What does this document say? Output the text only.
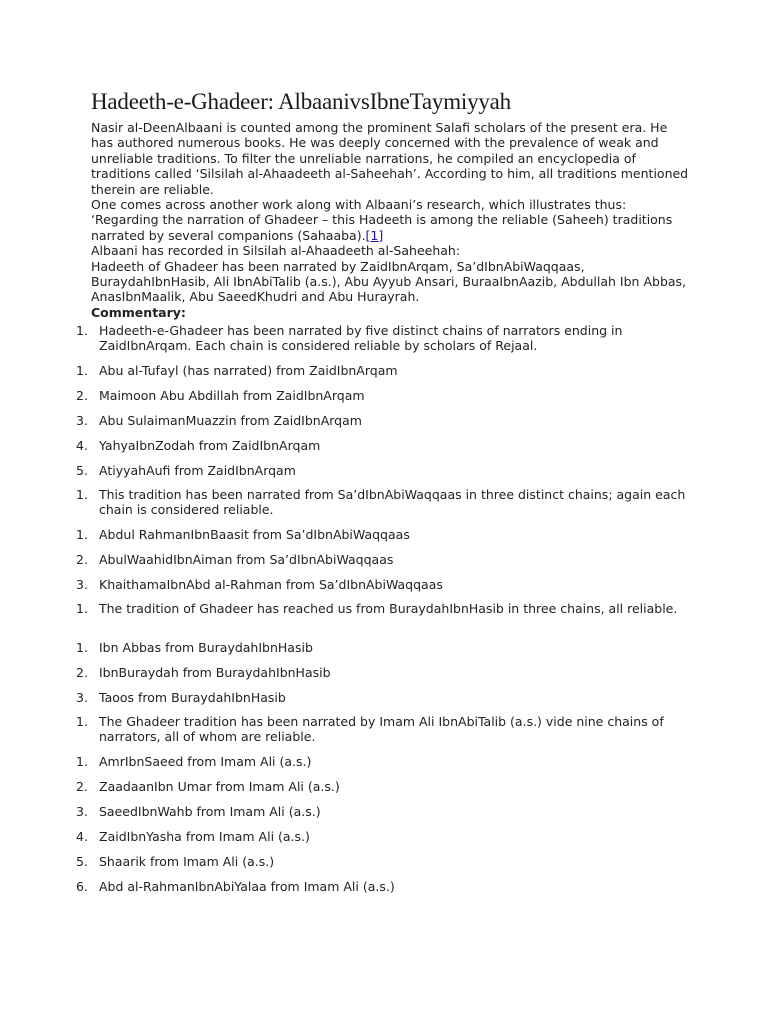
Hadeeth-e-Ghadeer: AlbaanivsIbneTaymiyyah

Nasir al-DeenAlbaani is counted among the prominent Salafi scholars of the present era. He has authored numerous books. He was deeply concerned with the prevalence of weak and unreliable traditions. To filter the unreliable narrations, he compiled an encyclopedia of traditions called ‘Silsilah al-Ahaadeeth al-Saheehah’. According to him, all traditions mentioned therein are reliable.

One comes across another work along with Albaani’s research, which illustrates thus:

‘Regarding the narration of Ghadeer – this Hadeeth is among the reliable (Saheeh) traditions narrated by several companions (Sahaaba).[1]

Albaani has recorded in Silsilah al-Ahaadeeth al-Saheehah:

Hadeeth of Ghadeer has been narrated by ZaidIbnArqam, Sa’dIbnAbiWaqqaas, BuraydahIbnHasib, Ali IbnAbiTalib (a.s.), Abu Ayyub Ansari, BuraaIbnAazib, Abdullah Ibn Abbas, AnasIbnMaalik, Abu SaeedKhudri and Abu Hurayrah.

Commentary:

1. Hadeeth-e-Ghadeer has been narrated by five distinct chains of narrators ending in ZaidIbnArqam. Each chain is considered reliable by scholars of Rejaal.
1. Abu al-Tufayl (has narrated) from ZaidIbnArqam
2. Maimoon Abu Abdillah from ZaidIbnArqam
3. Abu SulaimanMuazzin from ZaidIbnArqam
4. YahyaIbnZodah from ZaidIbnArqam
5. AtiyyahAufi from ZaidIbnArqam
1. This tradition has been narrated from Sa’dIbnAbiWaqqaas in three distinct chains; again each chain is considered reliable.
1. Abdul RahmanIbnBaasit from Sa’dIbnAbiWaqqaas
2. AbulWaahidIbnAiman from Sa’dIbnAbiWaqqaas
3. KhaithamaIbnAbd al-Rahman from Sa’dIbnAbiWaqqaas
1. The tradition of Ghadeer has reached us from BuraydahIbnHasib in three chains, all reliable.
1. Ibn Abbas from BuraydahIbnHasib
2. IbnBuraydah from BuraydahIbnHasib
3. Taoos from BuraydahIbnHasib
1. The Ghadeer tradition has been narrated by Imam Ali IbnAbiTalib (a.s.) vide nine chains of narrators, all of whom are reliable.
1. AmrIbnSaeed from Imam Ali (a.s.)
2. ZaadaanIbn Umar from Imam Ali (a.s.)
3. SaeedIbnWahb from Imam Ali (a.s.)
4. ZaidIbnYasha from Imam Ali (a.s.)
5. Shaarik from Imam Ali (a.s.)
6. Abd al-RahmanIbnAbiYalaa from Imam Ali (a.s.)
